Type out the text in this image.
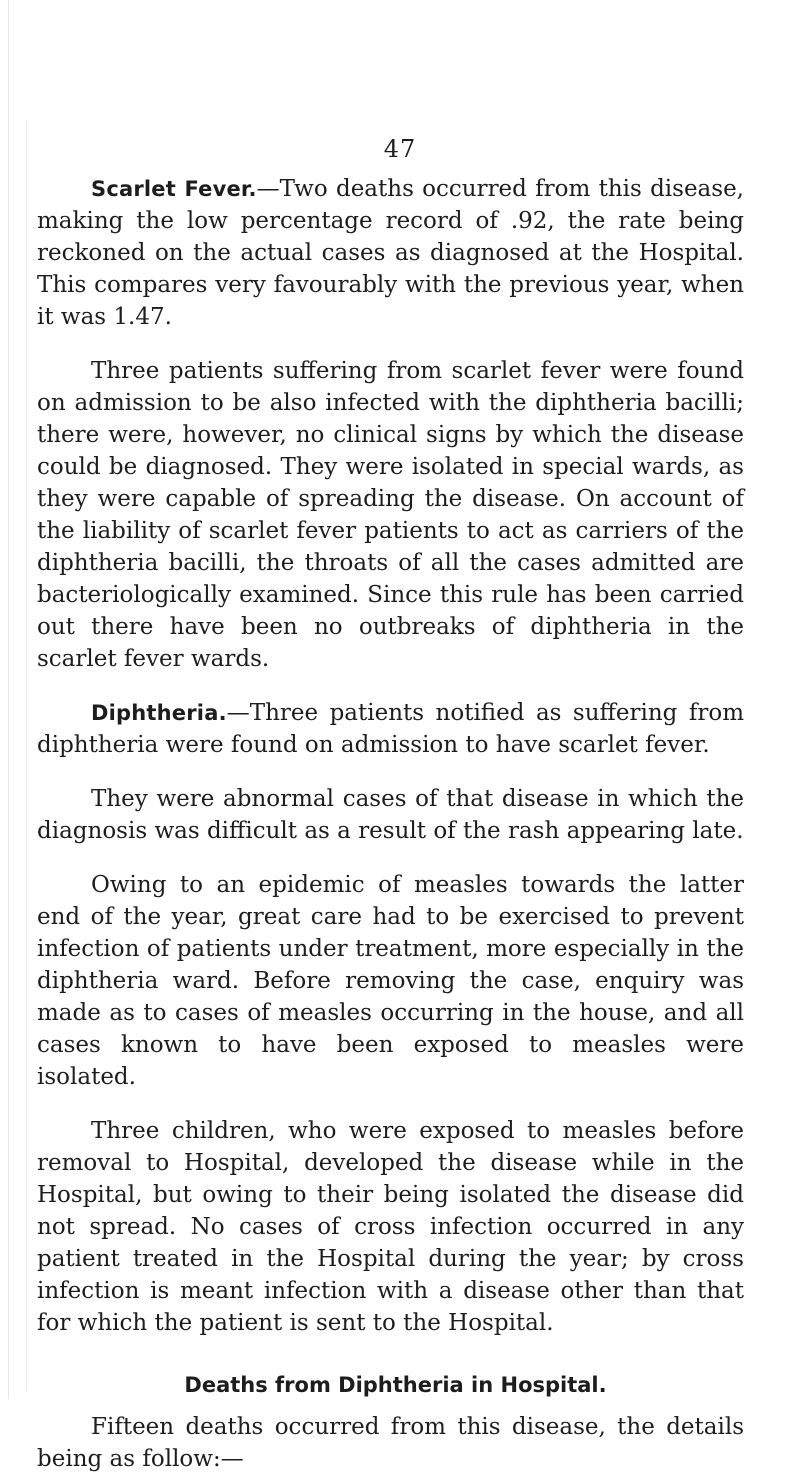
47

Scarlet Fever.—Two deaths occurred from this disease, making the low percentage record of .92, the rate being reckoned on the actual cases as diagnosed at the Hospital. This compares very favourably with the previous year, when it was 1.47.

Three patients suffering from scarlet fever were found on admission to be also infected with the diphtheria bacilli; there were, however, no clinical signs by which the disease could be diagnosed. They were isolated in special wards, as they were capable of spreading the disease. On account of the liability of scarlet fever patients to act as carriers of the diphtheria bacilli, the throats of all the cases admitted are bacteriologically examined. Since this rule has been carried out there have been no outbreaks of diphtheria in the scarlet fever wards.

Diphtheria.—Three patients notified as suffering from diphtheria were found on admission to have scarlet fever.

They were abnormal cases of that disease in which the diagnosis was difficult as a result of the rash appearing late.

Owing to an epidemic of measles towards the latter end of the year, great care had to be exercised to prevent infection of patients under treatment, more especially in the diphtheria ward. Before removing the case, enquiry was made as to cases of measles occurring in the house, and all cases known to have been exposed to measles were isolated.

Three children, who were exposed to measles before removal to Hospital, developed the disease while in the Hospital, but owing to their being isolated the disease did not spread. No cases of cross infection occurred in any patient treated in the Hospital during the year; by cross infection is meant infection with a disease other than that for which the patient is sent to the Hospital.

Deaths from Diphtheria in Hospital.

Fifteen deaths occurred from this disease, the details being as follow:—
